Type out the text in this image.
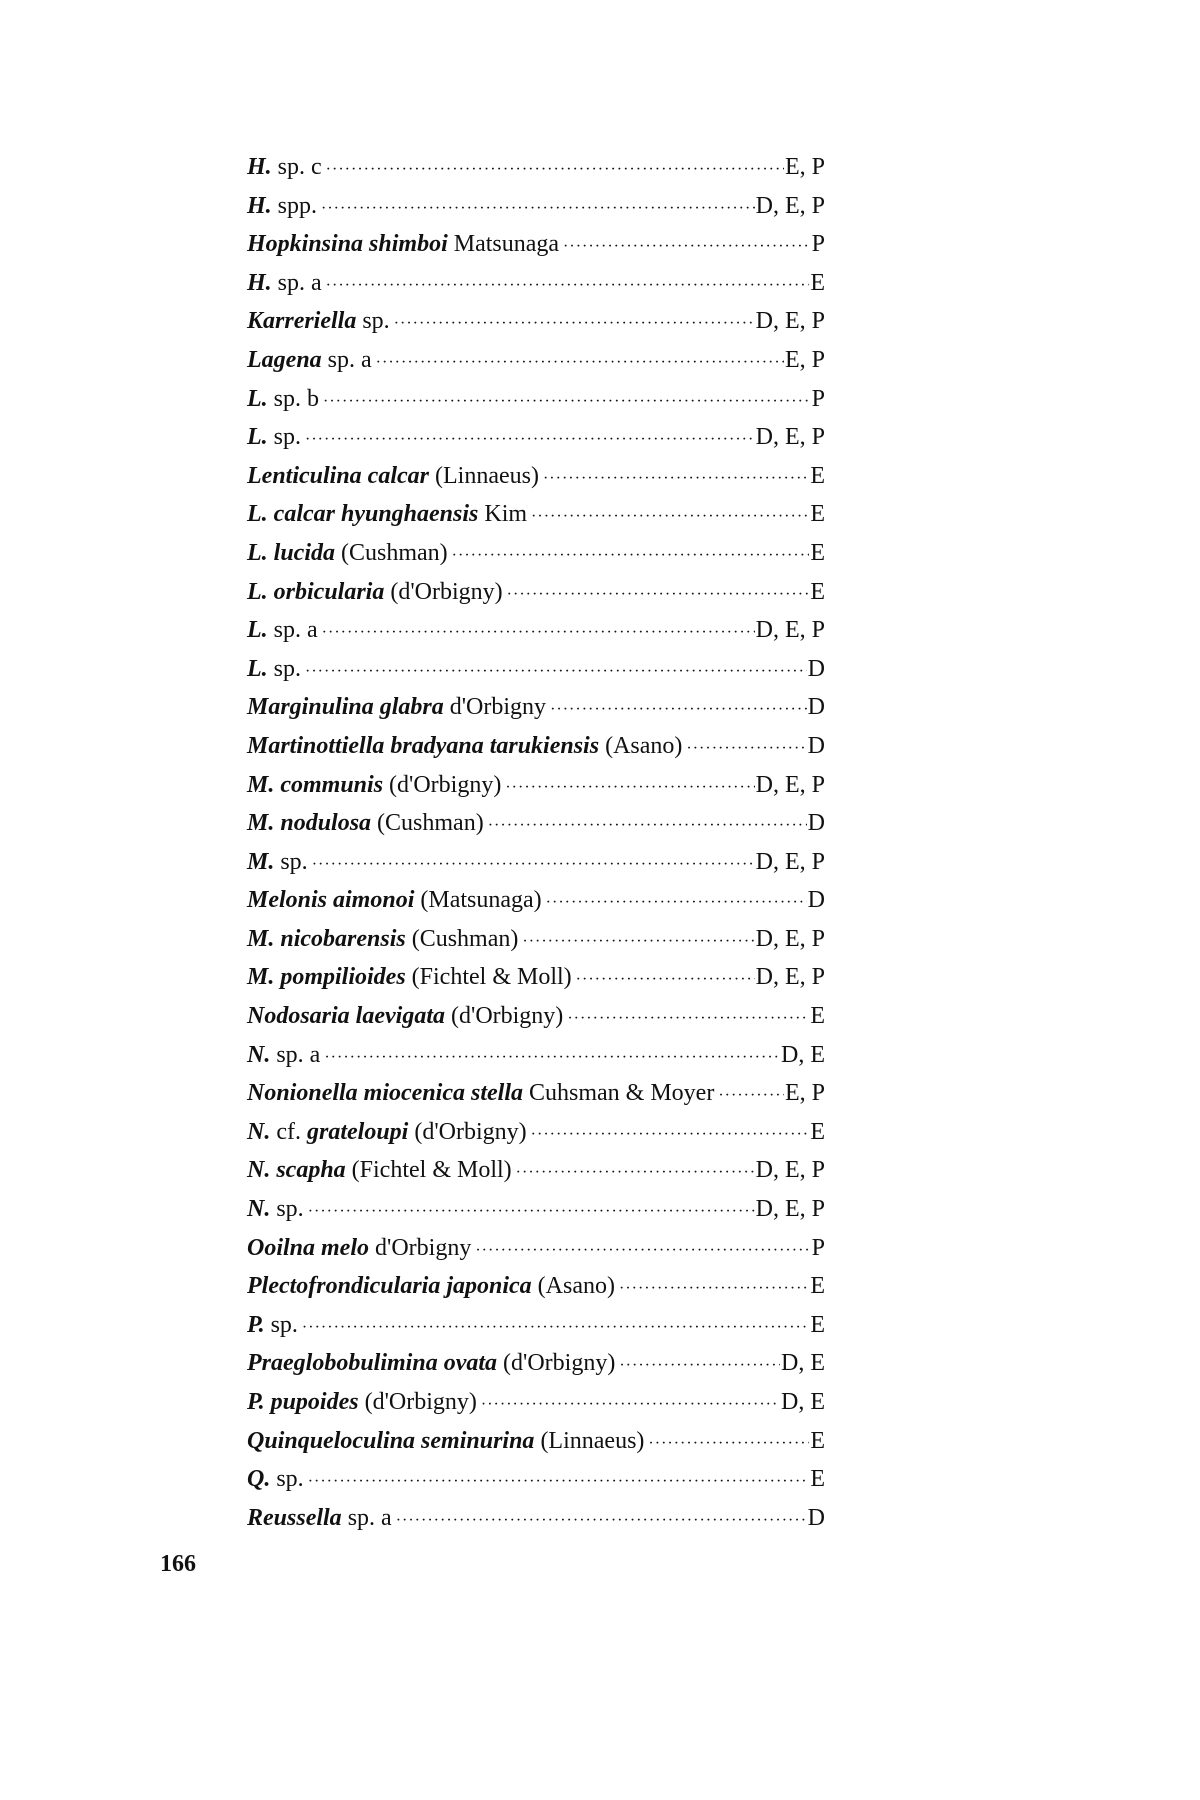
H. sp. c ·····	E, P
H. spp. ·····	D, E, P
Hopkinsina shimboi Matsunaga ·····	P
H. sp. a ·····	E
Karreriella sp. ·····	D, E, P
Lagena sp. a ·····	E, P
L. sp. b ·····	P
L. sp. ·····	D, E, P
Lenticulina calcar (Linnaeus) ·····	E
L. calcar hyunghaensis Kim ·····	E
L. lucida (Cushman) ·····	E
L. orbicularia (d'Orbigny) ·····	E
L. sp. a ·····	D, E, P
L. sp. ·····	D
Marginulina glabra d'Orbigny ·····	D
Martinottiella bradyana tarukiensis (Asano) ·····	D
M. communis (d'Orbigny) ·····	D, E, P
M. nodulosa (Cushman) ·····	D
M. sp. ·····	D, E, P
Melonis aimonoi (Matsunaga) ·····	D
M. nicobarensis (Cushman) ·····	D, E, P
M. pompilioides (Fichtel & Moll) ·····	D, E, P
Nodosaria laevigata (d'Orbigny) ·····	E
N. sp. a ·····	D, E
Nonionella miocenica stella Cuhsman & Moyer ·····	E, P
N. cf. grateloupi (d'Orbigny) ·····	E
N. scapha (Fichtel & Moll) ·····	D, E, P
N. sp. ·····	D, E, P
Ooilna melo d'Orbigny ·····	P
Plectofrondicularia japonica (Asano) ·····	E
P. sp. ·····	E
Praeglobobulimina ovata (d'Orbigny) ·····	D, E
P. pupoides (d'Orbigny) ·····	D, E
Quinqueloculina seminurina (Linnaeus) ·····	E
Q. sp. ·····	E
Reussella sp. a ·····	D
166
